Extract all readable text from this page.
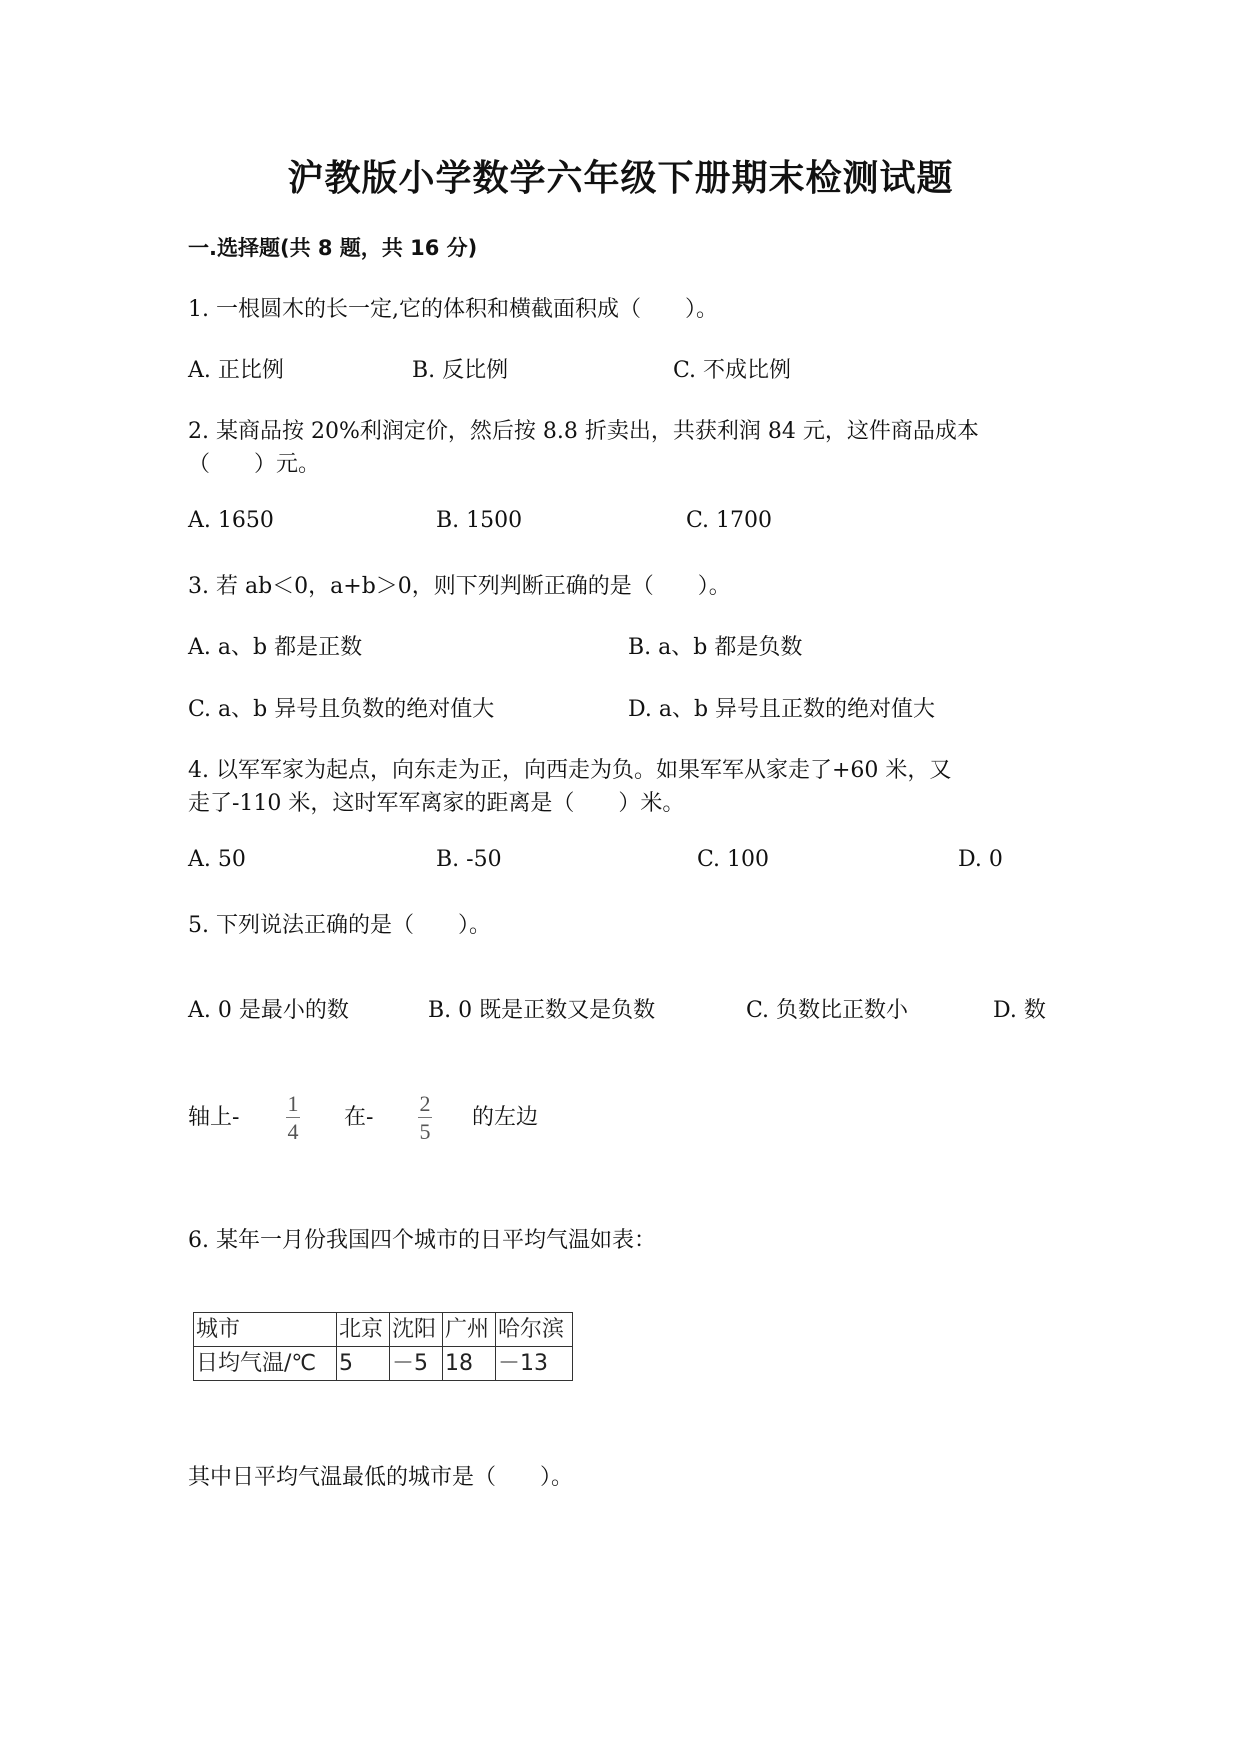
沪教版小学数学六年级下册期末检测试题
一.选择题(共 8 题，共 16 分)
1. 一根圆木的长一定,它的体积和横截面积成（　　）。
A. 正比例	B. 反比例	C. 不成比例
2. 某商品按 20%利润定价，然后按 8.8 折卖出，共获利润 84 元，这件商品成本
（　　）元。
A. 1650	B. 1500	C. 1700
3. 若 ab＜0，a+b＞0，则下列判断正确的是（　　）。
A. a、b 都是正数	B. a、b 都是负数
C. a、b 异号且负数的绝对值大	D. a、b 异号且正数的绝对值大
4. 以军军家为起点，向东走为正，向西走为负。如果军军从家走了+60 米，又
走了-110 米，这时军军离家的距离是（　　）米。
A. 50	B. -50	C. 100	D. 0
5. 下列说法正确的是（　　）。
A. 0 是最小的数	B. 0 既是正数又是负数	C. 负数比正数小	D. 数
轴上-
1
4
在-
2
5
的左边
6. 某年一月份我国四个城市的日平均气温如表：
城市	北京	沈阳	广州	哈尔滨
日均气温/℃	5	－5	18	－13
其中日平均气温最低的城市是（　　）。
